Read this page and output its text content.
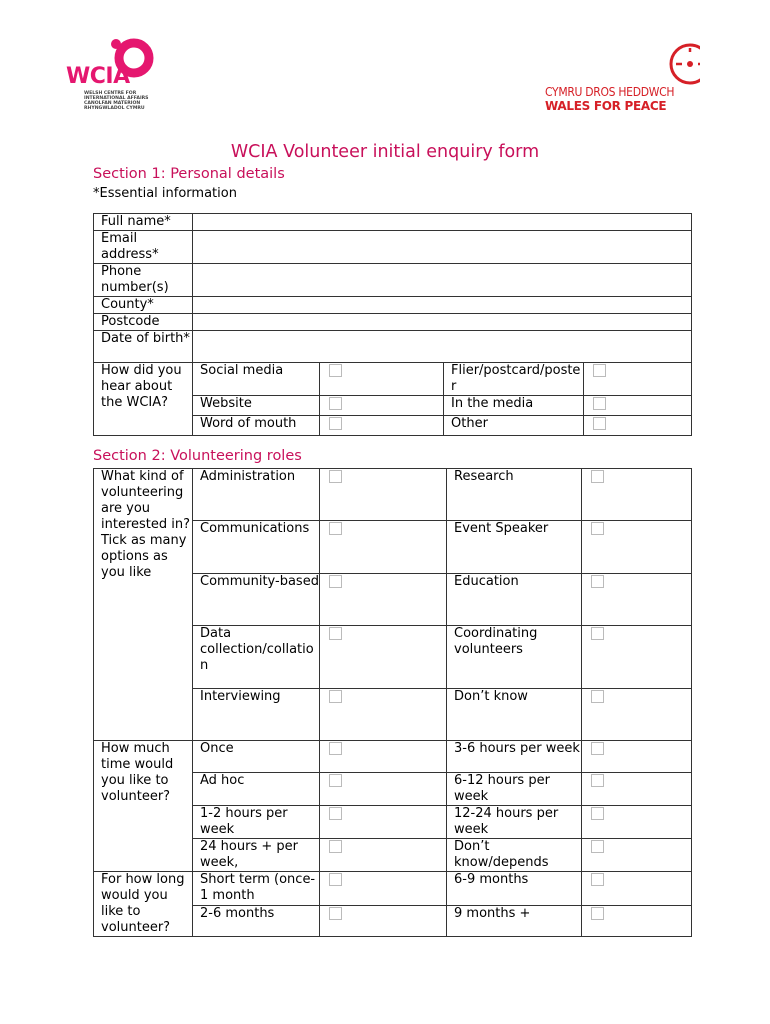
WCIA
WELSH CENTRE FOR
INTERNATIONAL AFFAIRS
CANOLFAN MATERION
RHYNGWLADOL CYMRU
CYMRU DROS HEDDWCH
WALES FOR PEACE
WCIA Volunteer initial enquiry form
Section 1: Personal details
*Essential information
Full name*				
Email address*				
Phone number(s)				
County*				
Postcode				
Date of birth*				
How did you hear about the WCIA?	Social media		Flier/postcard/poster	
	Website		In the media	
	Word of mouth		Other	
Section 2: Volunteering roles
What kind of volunteering are you interested in? Tick as many options as you like	Administration		Research	
	Communications		Event Speaker	
	Community-based		Education	
	Data collection/collation		Coordinating volunteers	
	Interviewing		Don’t know	
How much time would you like to volunteer?	Once		3-6 hours per week	
	Ad hoc		6-12 hours per week	
	1-2 hours per week		12-24 hours per week	
	24 hours + per week,		Don’t know/depends	
For how long would you like to volunteer?	Short term (once-1 month		6-9 months	
	2-6 months		9 months +	
